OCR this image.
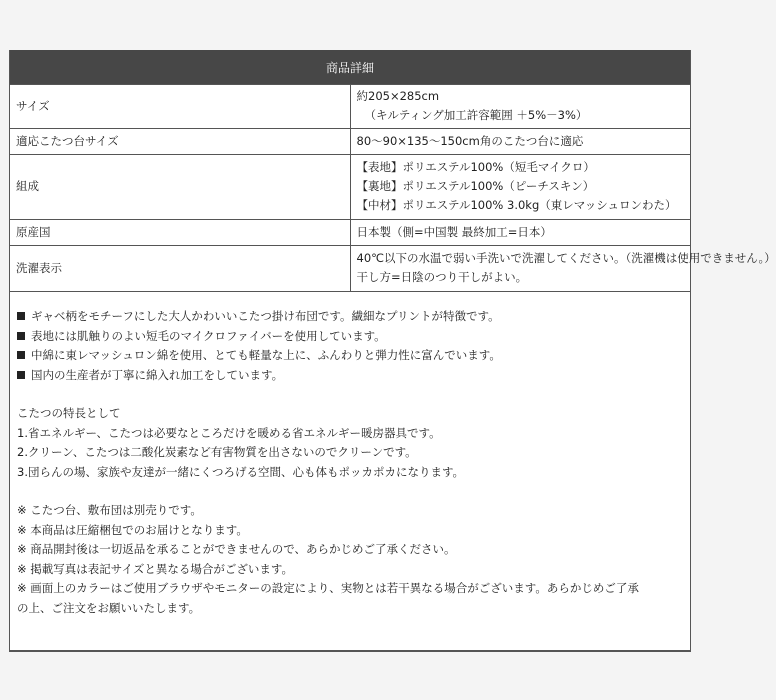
商品詳細	
サイズ	約205×285cm
（キルティング加工許容範囲 ＋5%－3%）

適応こたつ台サイズ	80～90×135～150cm角のこたつ台に適応

組成	【表地】ポリエステル100%（短毛マイクロ）
【裏地】ポリエステル100%（ピーチスキン）
【中材】ポリエステル100% 3.0kg（東レマッシュロンわた）

原産国	日本製（側=中国製 最終加工=日本）

洗濯表示	40℃以下の水温で弱い手洗いで洗濯してください。（洗濯機は使用できません。）
干し方=日陰のつり干しがよい。
ギャベ柄をモチーフにした大人かわいいこたつ掛け布団です。繊細なプリントが特徴です。
表地には肌触りのよい短毛のマイクロファイバーを使用しています。
中綿に東レマッシュロン綿を使用、とても軽量な上に、ふんわりと弾力性に富んでいます。
国内の生産者が丁寧に綿入れ加工をしています。
こたつの特長として
1.省エネルギー、こたつは必要なところだけを暖める省エネルギー暖房器具です。
2.クリーン、こたつは二酸化炭素など有害物質を出さないのでクリーンです。
3.団らんの場、家族や友達が一緒にくつろげる空間、心も体もポッカポカになります。
※ こたつ台、敷布団は別売りです。
※ 本商品は圧縮梱包でのお届けとなります。
※ 商品開封後は一切返品を承ることができませんので、あらかじめご了承ください。
※ 掲載写真は表記サイズと異なる場合がございます。
※ 画面上のカラーはご使用ブラウザやモニターの設定により、実物とは若干異なる場合がございます。あらかじめご了承
の上、ご注文をお願いいたします。
